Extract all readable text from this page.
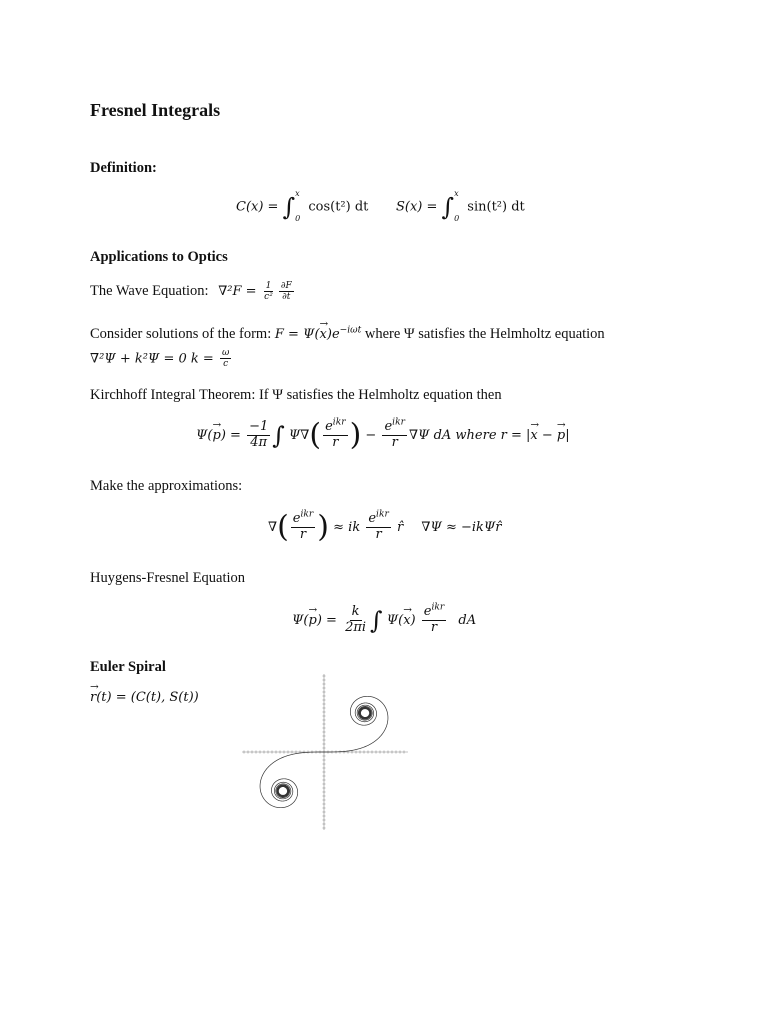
Fresnel Integrals
Definition:
C(x) = ∫ x
0
cos(t²) dt S(x) = ∫ x
0
sin(t²) dt
Applications to Optics
The Wave Equation: $\nabla^2F = \frac{1}{\text{c²}} \frac{\partial F}{\partial t}$
Consider solutions of the form: $F = \Psi(\to x)e^{-i\omega t}$ where Ψ satisfies the Helmholtz equation
∇²Ψ + k²Ψ = 0 $k = \frac{\omega}{c}$
Kirchhoff Integral Theorem: If Ψ satisfies the Helmholtz equation then
$\Psi(\to p) = \frac{-1}{4\pi}$ ∫ $\Psi\nabla( \frac{e^{ikr}}{r}$ ) − $\frac{e^{ikr}}{r} \nabla\Psi$ dA where r = |→ x − → p|
Make the approximations:
∇( $\frac{e^{ikr}}{r}$ ) ≈ ik $\frac{e^{ikr}}{r}$ r̂ ∇Ψ ≈ −ikΨr̂
Huygens-Fresnel Equation
$\Psi(\to p) = \frac{k}{2\pi i}$ ∫ $\Psi(\to x) \frac{e^{ikr}}{r}$ dA
Euler Spiral
→ r(t) = (C(t), S(t))
